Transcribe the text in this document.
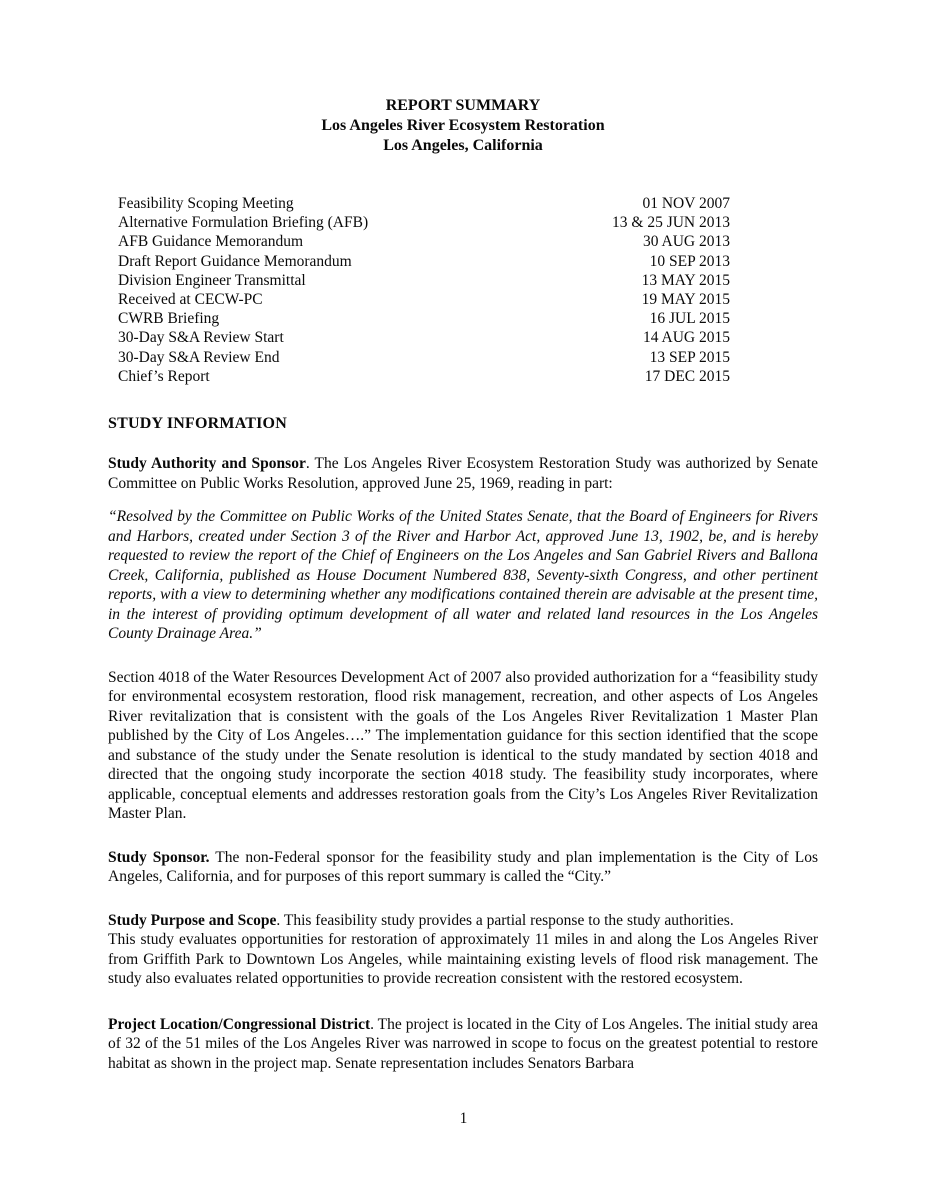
REPORT SUMMARY
Los Angeles River Ecosystem Restoration
Los Angeles, California
Feasibility Scoping Meeting	01 NOV 2007
Alternative Formulation Briefing (AFB)	13 & 25 JUN 2013
AFB Guidance Memorandum	30 AUG 2013
Draft Report Guidance Memorandum	10 SEP 2013
Division Engineer Transmittal	13 MAY 2015
Received at CECW-PC	19 MAY 2015
CWRB Briefing	16 JUL 2015
30-Day S&A Review Start	14 AUG 2015
30-Day S&A Review End	13 SEP 2015
Chief’s Report	17 DEC 2015
STUDY INFORMATION

Study Authority and Sponsor. The Los Angeles River Ecosystem Restoration Study was authorized by Senate Committee on Public Works Resolution, approved June 25, 1969, reading in part:

“Resolved by the Committee on Public Works of the United States Senate, that the Board of Engineers for Rivers and Harbors, created under Section 3 of the River and Harbor Act, approved June 13, 1902, be, and is hereby requested to review the report of the Chief of Engineers on the Los Angeles and San Gabriel Rivers and Ballona Creek, California, published as House Document Numbered 838, Seventy-sixth Congress, and other pertinent reports, with a view to determining whether any modifications contained therein are advisable at the present time, in the interest of providing optimum development of all water and related land resources in the Los Angeles County Drainage Area.”

Section 4018 of the Water Resources Development Act of 2007 also provided authorization for a “feasibility study for environmental ecosystem restoration, flood risk management, recreation, and other aspects of Los Angeles River revitalization that is consistent with the goals of the Los Angeles River Revitalization 1 Master Plan published by the City of Los Angeles….” The implementation guidance for this section identified that the scope and substance of the study under the Senate resolution is identical to the study mandated by section 4018 and directed that the ongoing study incorporate the section 4018 study. The feasibility study incorporates, where applicable, conceptual elements and addresses restoration goals from the City’s Los Angeles River Revitalization Master Plan.

Study Sponsor. The non-Federal sponsor for the feasibility study and plan implementation is the City of Los Angeles, California, and for purposes of this report summary is called the “City.”

Study Purpose and Scope. This feasibility study provides a partial response to the study authorities.
This study evaluates opportunities for restoration of approximately 11 miles in and along the Los Angeles River from Griffith Park to Downtown Los Angeles, while maintaining existing levels of flood risk management. The study also evaluates related opportunities to provide recreation consistent with the restored ecosystem.

Project Location/Congressional District. The project is located in the City of Los Angeles. The initial study area of 32 of the 51 miles of the Los Angeles River was narrowed in scope to focus on the greatest potential to restore habitat as shown in the project map. Senate representation includes Senators Barbara

1
